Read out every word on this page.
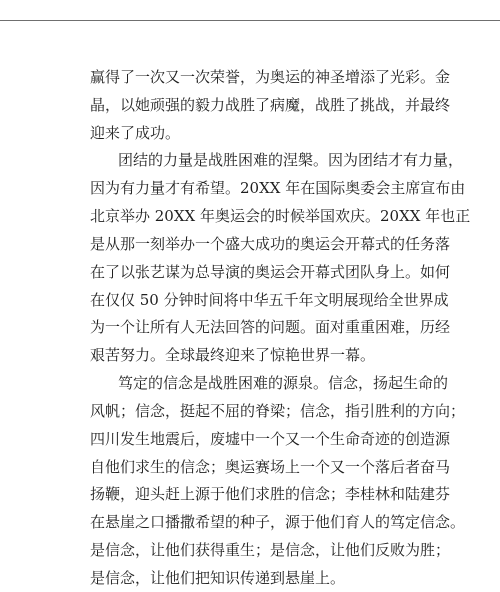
赢得了一次又一次荣誉，为奥运的神圣增添了光彩。金
晶，以她顽强的毅力战胜了病魔，战胜了挑战，并最终
迎来了成功。
团结的力量是战胜困难的涅槃。因为团结才有力量，
因为有力量才有希望。20XX 年在国际奥委会主席宣布由
北京举办 20XX 年奥运会的时候举国欢庆。20XX 年也正
是从那一刻举办一个盛大成功的奥运会开幕式的任务落
在了以张艺谋为总导演的奥运会开幕式团队身上。如何
在仅仅 50 分钟时间将中华五千年文明展现给全世界成
为一个让所有人无法回答的问题。面对重重困难，历经
艰苦努力。全球最终迎来了惊艳世界一幕。
笃定的信念是战胜困难的源泉。信念，扬起生命的
风帆；信念，挺起不屈的脊梁；信念，指引胜利的方向；
四川发生地震后，废墟中一个又一个生命奇迹的创造源
自他们求生的信念；奥运赛场上一个又一个落后者奋马
扬鞭，迎头赶上源于他们求胜的信念；李桂林和陆建芬
在悬崖之口播撒希望的种子，源于他们育人的笃定信念。
是信念，让他们获得重生；是信念，让他们反败为胜；
是信念，让他们把知识传递到悬崖上。
